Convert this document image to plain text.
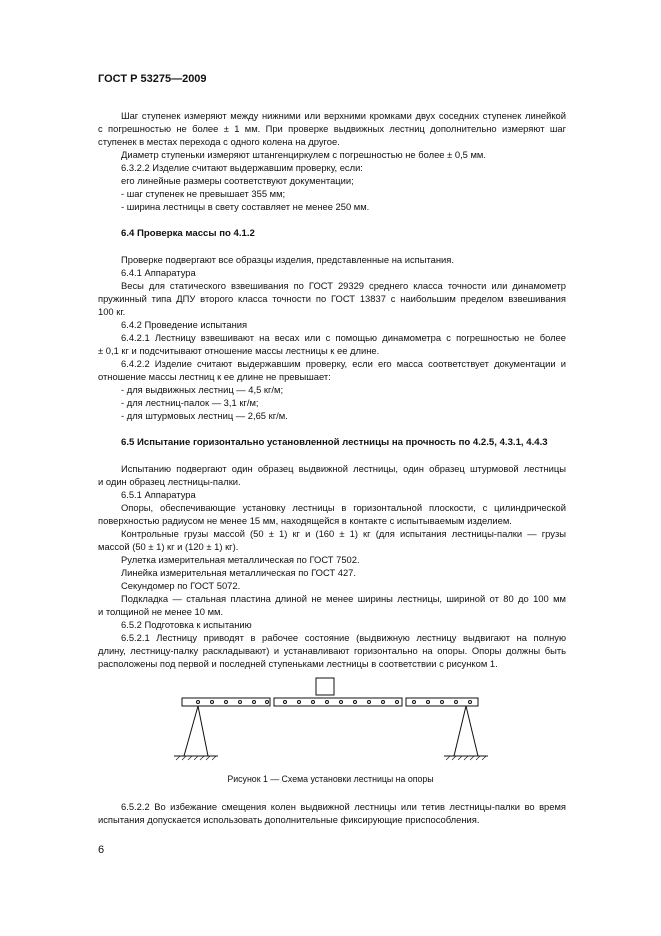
ГОСТ Р 53275—2009
Шаг ступенек измеряют между нижними или верхними кромками двух соседних ступенек линейкой
с погрешностью не более ± 1 мм. При проверке выдвижных лестниц дополнительно измеряют шаг
ступенек в местах перехода с одного колена на другое.
Диаметр ступеньки измеряют штангенциркулем с погрешностью не более ± 0,5 мм.
6.3.2.2 Изделие считают выдержавшим проверку, если:
его линейные размеры соответствуют документации;
- шаг ступенек не превышает 355 мм;
- ширина лестницы в свету составляет не менее 250 мм.
6.4 Проверка массы по 4.1.2
Проверке подвергают все образцы изделия, представленные на испытания.
6.4.1 Аппаратура
Весы для статического взвешивания по ГОСТ 29329 среднего класса точности или динамометр
пружинный типа ДПУ второго класса точности по ГОСТ 13837 с наибольшим пределом взвешивания
100 кг.
6.4.2 Проведение испытания
6.4.2.1 Лестницу взвешивают на весах или с помощью динамометра с погрешностью не более
± 0,1 кг и подсчитывают отношение массы лестницы к ее длине.
6.4.2.2 Изделие считают выдержавшим проверку, если его масса соответствует документации и
отношение массы лестниц к ее длине не превышает:
- для выдвижных лестниц — 4,5 кг/м;
- для лестниц-палок — 3,1 кг/м;
- для штурмовых лестниц — 2,65 кг/м.
6.5 Испытание горизонтально установленной лестницы на прочность по 4.2.5, 4.3.1, 4.4.3
Испытанию подвергают один образец выдвижной лестницы, один образец штурмовой лестницы
и один образец лестницы-палки.
6.5.1 Аппаратура
Опоры, обеспечивающие установку лестницы в горизонтальной плоскости, с цилиндрической
поверхностью радиусом не менее 15 мм, находящейся в контакте с испытываемым изделием.
Контрольные грузы массой (50 ± 1) кг и (160 ± 1) кг (для испытания лестницы-палки — грузы
массой (50 ± 1) кг и (120 ± 1) кг).
Рулетка измерительная металлическая по ГОСТ 7502.
Линейка измерительная металлическая по ГОСТ 427.
Секундомер по ГОСТ 5072.
Подкладка — стальная пластина длиной не менее ширины лестницы, шириной от 80 до 100 мм
и толщиной не менее 10 мм.
6.5.2 Подготовка к испытанию
6.5.2.1 Лестницу приводят в рабочее состояние (выдвижную лестницу выдвигают на полную
длину, лестницу-палку раскладывают) и устанавливают горизонтально на опоры. Опоры должны быть
расположены под первой и последней ступеньками лестницы в соответствии с рисунком 1.
Рисунок 1 — Схема установки лестницы на опоры
6.5.2.2 Во избежание смещения колен выдвижной лестницы или тетив лестницы-палки во время
испытания допускается использовать дополнительные фиксирующие приспособления.
6
